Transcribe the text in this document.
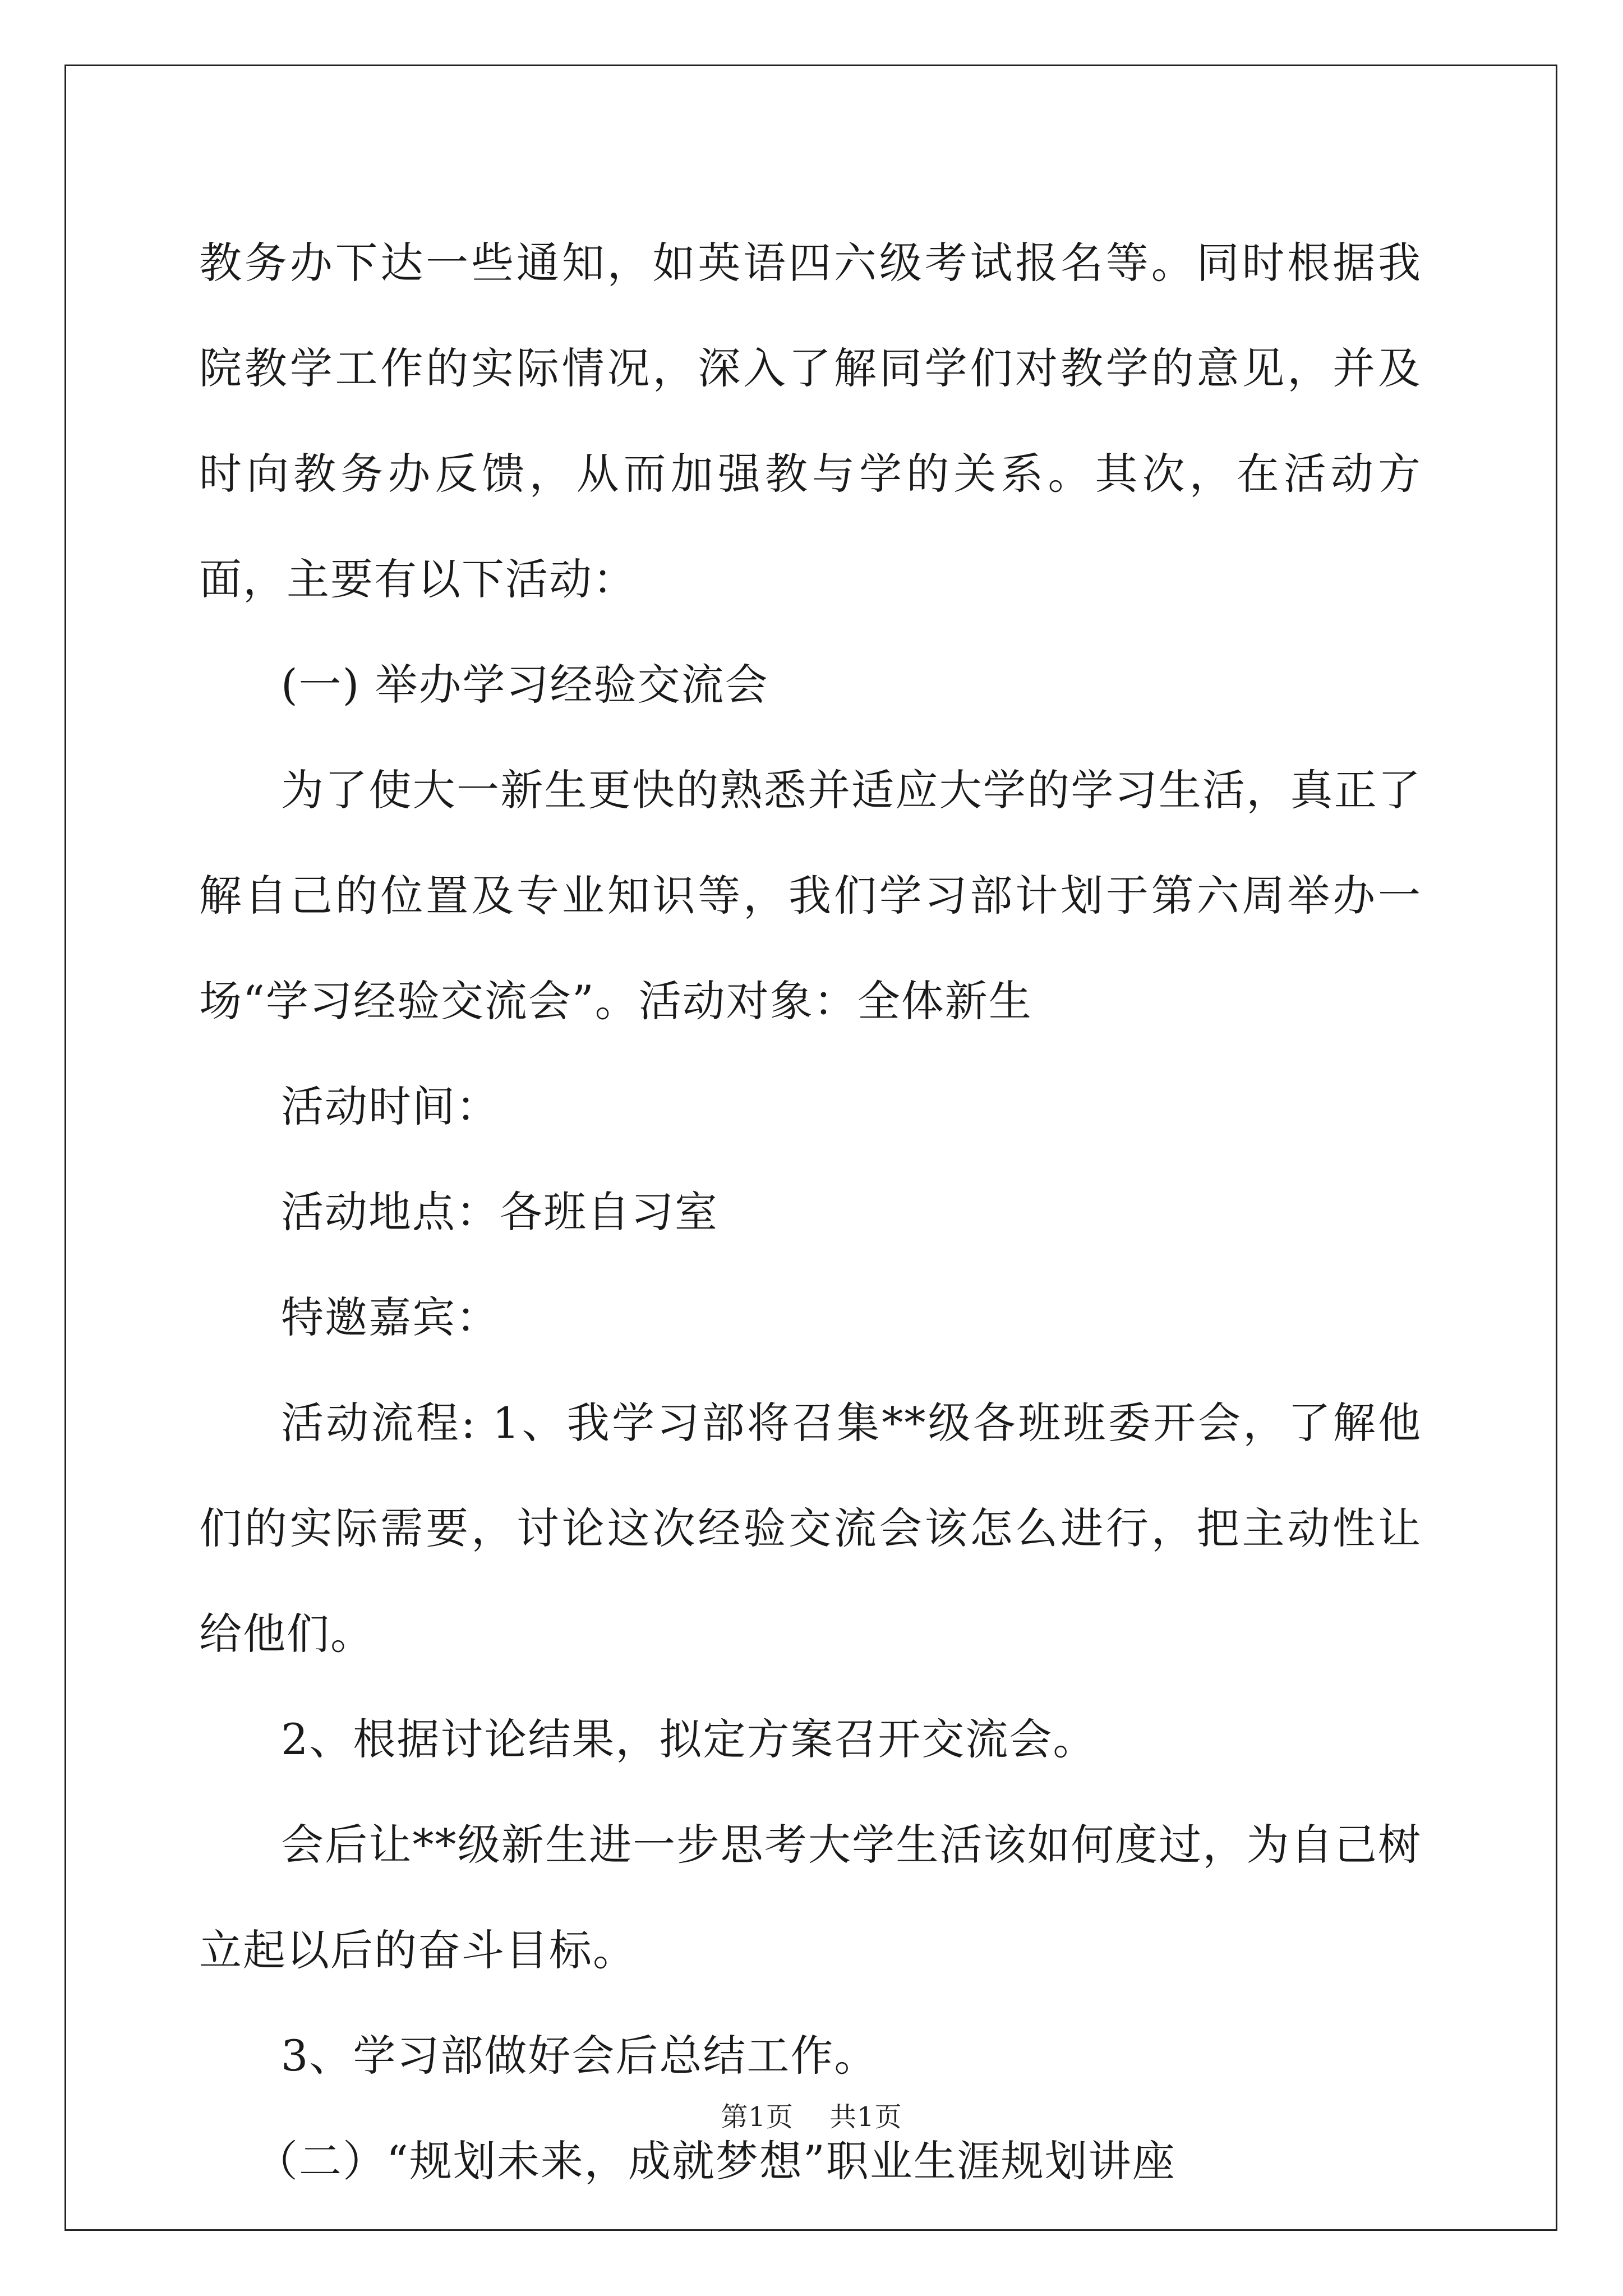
教务办下达一些通知，如英语四六级考试报名等。同时根据我院教学工作的实际情况，深入了解同学们对教学的意见，并及时向教务办反馈，从而加强教与学的关系。其次，在活动方面，主要有以下活动：

(一) 举办学习经验交流会

为了使大一新生更快的熟悉并适应大学的学习生活，真正了解自己的位置及专业知识等，我们学习部计划于第六周举办一场“学习经验交流会”。活动对象：全体新生

活动时间：

活动地点：各班自习室

特邀嘉宾：

活动流程: 1、我学习部将召集**级各班班委开会，了解他们的实际需要，讨论这次经验交流会该怎么进行，把主动性让给他们。

2、根据讨论结果，拟定方案召开交流会。

会后让**级新生进一步思考大学生活该如何度过，为自己树立起以后的奋斗目标。

3、学习部做好会后总结工作。

（二）“规划未来，成就梦想”职业生涯规划讲座

第1页 共1页
